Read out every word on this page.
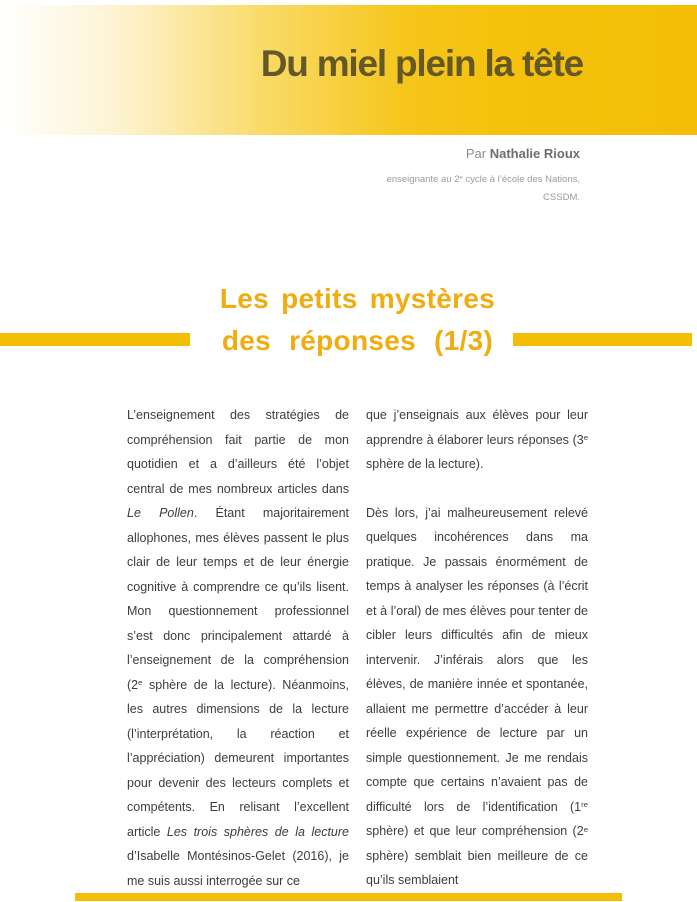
Du miel plein la tête
Par Nathalie Rioux
enseignante au 2e cycle à l’école des Nations,
CSSDM.
Les petits mystères
des réponses (1/3)

L’enseignement des stratégies de compréhension fait partie de mon quotidien et a d’ailleurs été l’objet central de mes nombreux articles dans Le Pollen. Étant majoritairement allophones, mes élèves passent le plus clair de leur temps et de leur énergie cognitive à comprendre ce qu’ils lisent. Mon questionnement professionnel s’est donc principalement attardé à l’enseignement de la compréhension (2e sphère de la lecture). Néanmoins, les autres dimensions de la lecture (l’interprétation, la réaction et l’appréciation) demeurent importantes pour devenir des lecteurs complets et compétents. En relisant l’excellent article Les trois sphères de la lecture d’Isabelle Montésinos-Gelet (2016), je me suis aussi interrogée sur ce

que j’enseignais aux élèves pour leur apprendre à élaborer leurs réponses (3e sphère de la lecture).

Dès lors, j’ai malheureusement relevé quelques incohérences dans ma pratique. Je passais énormément de temps à analyser les réponses (à l’écrit et à l’oral) de mes élèves pour tenter de cibler leurs difficultés afin de mieux intervenir. J’inférais alors que les élèves, de manière innée et spontanée, allaient me permettre d’accéder à leur réelle expérience de lecture par un simple questionnement. Je me rendais compte que certains n’avaient pas de difficulté lors de l’identification (1re sphère) et que leur compréhension (2e sphère) semblait bien meilleure de ce qu’ils semblaient
